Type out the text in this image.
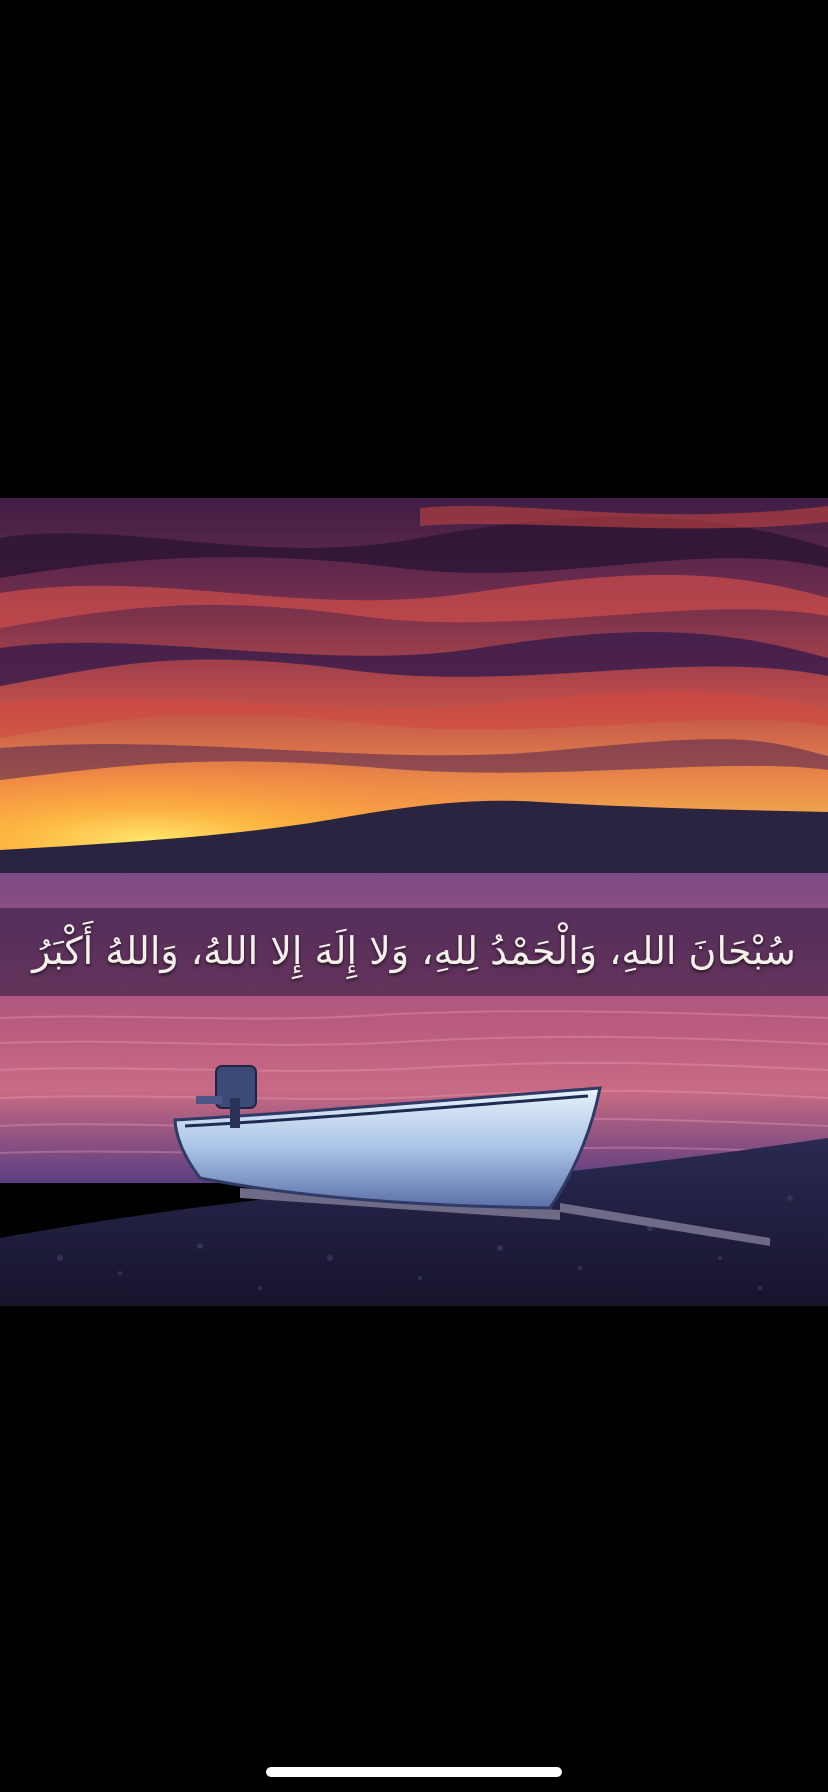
سُبْحَانَ اللهِ، وَالْحَمْدُ لِلهِ، وَلا إِلَهَ إِلا اللهُ، وَاللهُ أَكْبَرُ
